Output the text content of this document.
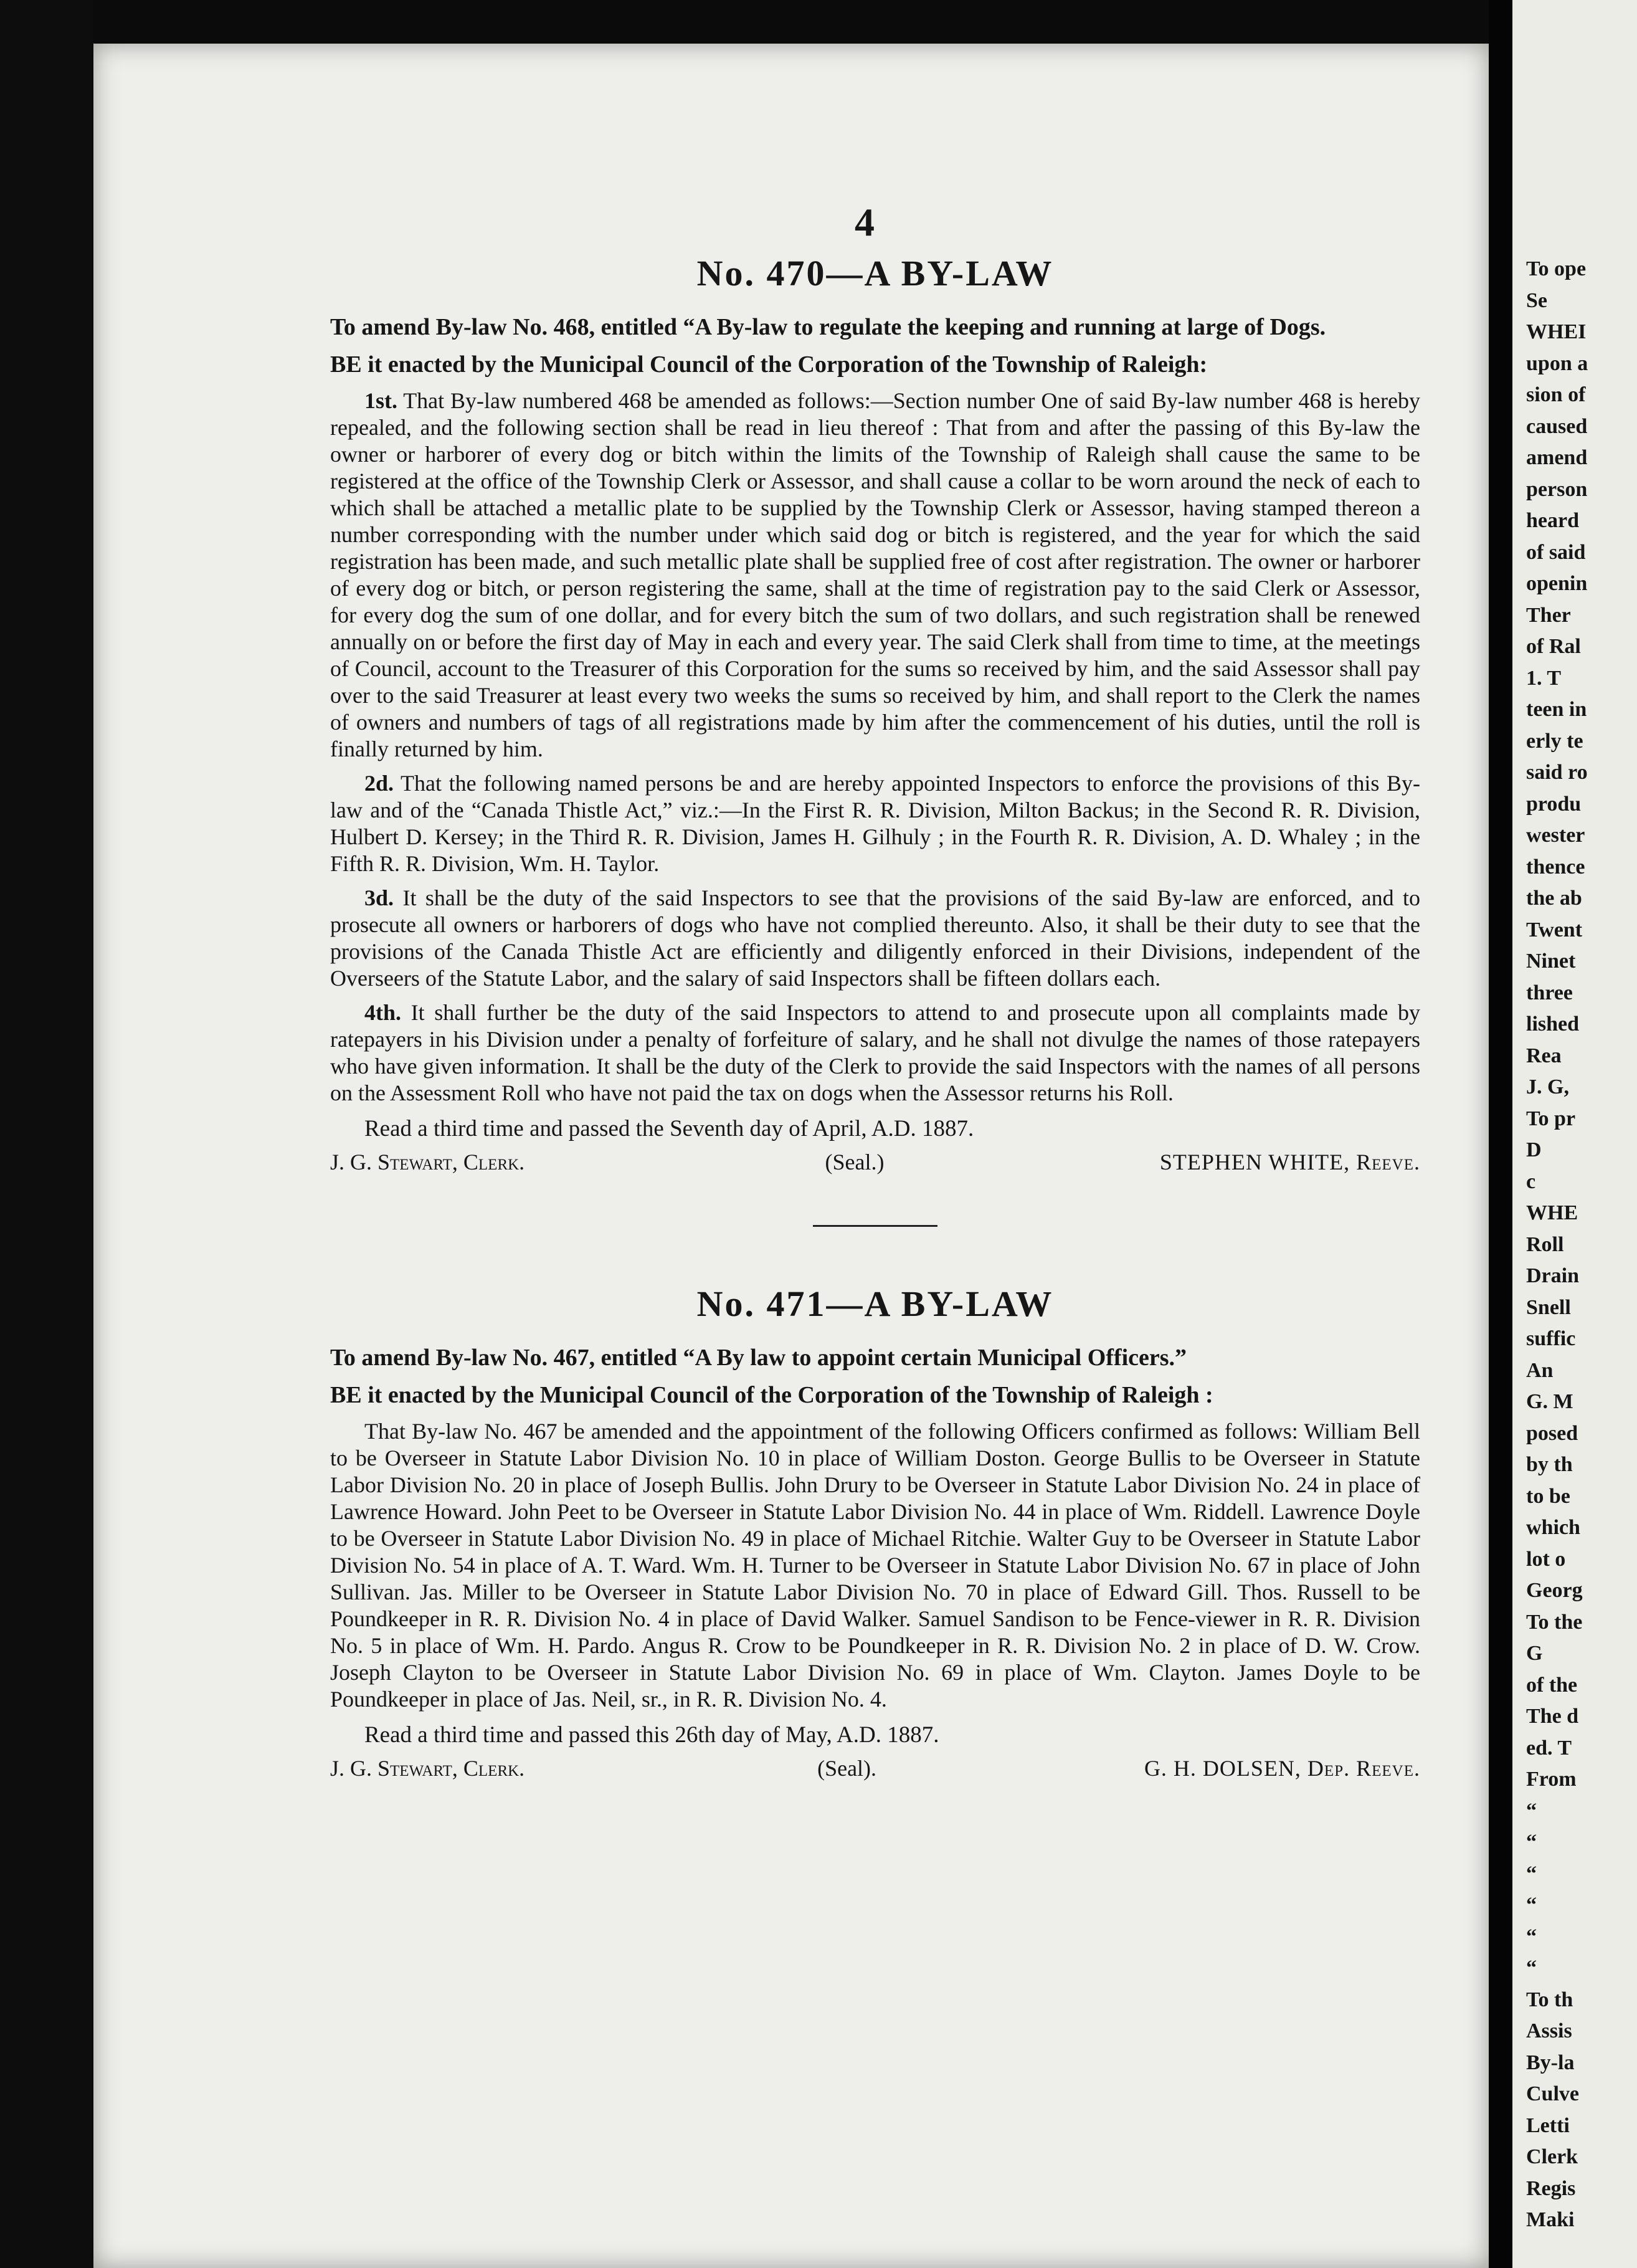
4
No. 470—A BY-LAW

To amend By-law No. 468, entitled “A By-law to regulate the keeping and running at large of Dogs.

BE it enacted by the Municipal Council of the Corporation of the Township of Raleigh:

1st. That By-law numbered 468 be amended as follows:—Section number One of said By-law number 468 is hereby repealed, and the following section shall be read in lieu thereof : That from and after the passing of this By-law the owner or harborer of every dog or bitch within the limits of the Township of Raleigh shall cause the same to be registered at the office of the Township Clerk or Assessor, and shall cause a collar to be worn around the neck of each to which shall be attached a metallic plate to be supplied by the Township Clerk or Assessor, having stamped thereon a number corresponding with the number under which said dog or bitch is registered, and the year for which the said registration has been made, and such metallic plate shall be supplied free of cost after registration. The owner or harborer of every dog or bitch, or person registering the same, shall at the time of registration pay to the said Clerk or Assessor, for every dog the sum of one dollar, and for every bitch the sum of two dollars, and such registration shall be renewed annually on or before the first day of May in each and every year. The said Clerk shall from time to time, at the meetings of Council, account to the Treasurer of this Corporation for the sums so received by him, and the said Assessor shall pay over to the said Treasurer at least every two weeks the sums so received by him, and shall report to the Clerk the names of owners and numbers of tags of all registrations made by him after the commencement of his duties, until the roll is finally returned by him.

2d. That the following named persons be and are hereby appointed Inspectors to enforce the provisions of this By-law and of the “Canada Thistle Act,” viz.:—In the First R. R. Division, Milton Backus; in the Second R. R. Division, Hulbert D. Kersey; in the Third R. R. Division, James H. Gilhuly ; in the Fourth R. R. Division, A. D. Whaley ; in the Fifth R. R. Division, Wm. H. Taylor.

3d. It shall be the duty of the said Inspectors to see that the provisions of the said By-law are enforced, and to prosecute all owners or harborers of dogs who have not complied thereunto. Also, it shall be their duty to see that the provisions of the Canada Thistle Act are efficiently and diligently enforced in their Divisions, independent of the Overseers of the Statute Labor, and the salary of said Inspectors shall be fifteen dollars each.

4th. It shall further be the duty of the said Inspectors to attend to and prosecute upon all complaints made by ratepayers in his Division under a penalty of forfeiture of salary, and he shall not divulge the names of those ratepayers who have given information. It shall be the duty of the Clerk to provide the said Inspectors with the names of all persons on the Assessment Roll who have not paid the tax on dogs when the Assessor returns his Roll.

Read a third time and passed the Seventh day of April, A.D. 1887.

J. G. Stewart, Clerk.	(Seal.)	STEPHEN WHITE, Reeve.
No. 471—A BY-LAW

To amend By-law No. 467, entitled “A By law to appoint certain Municipal Officers.”

BE it enacted by the Municipal Council of the Corporation of the Township of Raleigh :

That By-law No. 467 be amended and the appointment of the following Officers confirmed as follows: William Bell to be Overseer in Statute Labor Division No. 10 in place of William Doston. George Bullis to be Overseer in Statute Labor Division No. 20 in place of Joseph Bullis. John Drury to be Overseer in Statute Labor Division No. 24 in place of Lawrence Howard. John Peet to be Overseer in Statute Labor Division No. 44 in place of Wm. Riddell. Lawrence Doyle to be Overseer in Statute Labor Division No. 49 in place of Michael Ritchie. Walter Guy to be Overseer in Statute Labor Division No. 54 in place of A. T. Ward. Wm. H. Turner to be Overseer in Statute Labor Division No. 67 in place of John Sullivan. Jas. Miller to be Overseer in Statute Labor Division No. 70 in place of Edward Gill. Thos. Russell to be Poundkeeper in R. R. Division No. 4 in place of David Walker. Samuel Sandison to be Fence-viewer in R. R. Division No. 5 in place of Wm. H. Pardo. Angus R. Crow to be Poundkeeper in R. R. Division No. 2 in place of D. W. Crow. Joseph Clayton to be Overseer in Statute Labor Division No. 69 in place of Wm. Clayton. James Doyle to be Poundkeeper in place of Jas. Neil, sr., in R. R. Division No. 4.

Read a third time and passed this 26th day of May, A.D. 1887.

J. G. Stewart, Clerk.	(Seal).	G. H. DOLSEN, Dep. Reeve.
To ope
Se
WHEI
upon a
sion of
caused
amend
person
heard
of said
openin
Ther
of Ral
1. T
teen in
erly te
said ro
produ
wester
thence
the ab
Twent
Ninet
three
lished
Rea
J. G,
To pr
D
c
WHE
Roll
Drain
Snell
suffic
An
G. M
posed
by th
to be
which
lot o
Georg
To the
G
of the
The d
ed. T
From
“
“
“
“
“
“
To th
Assis
By-la
Culve
Letti
Clerk
Regis
Maki
